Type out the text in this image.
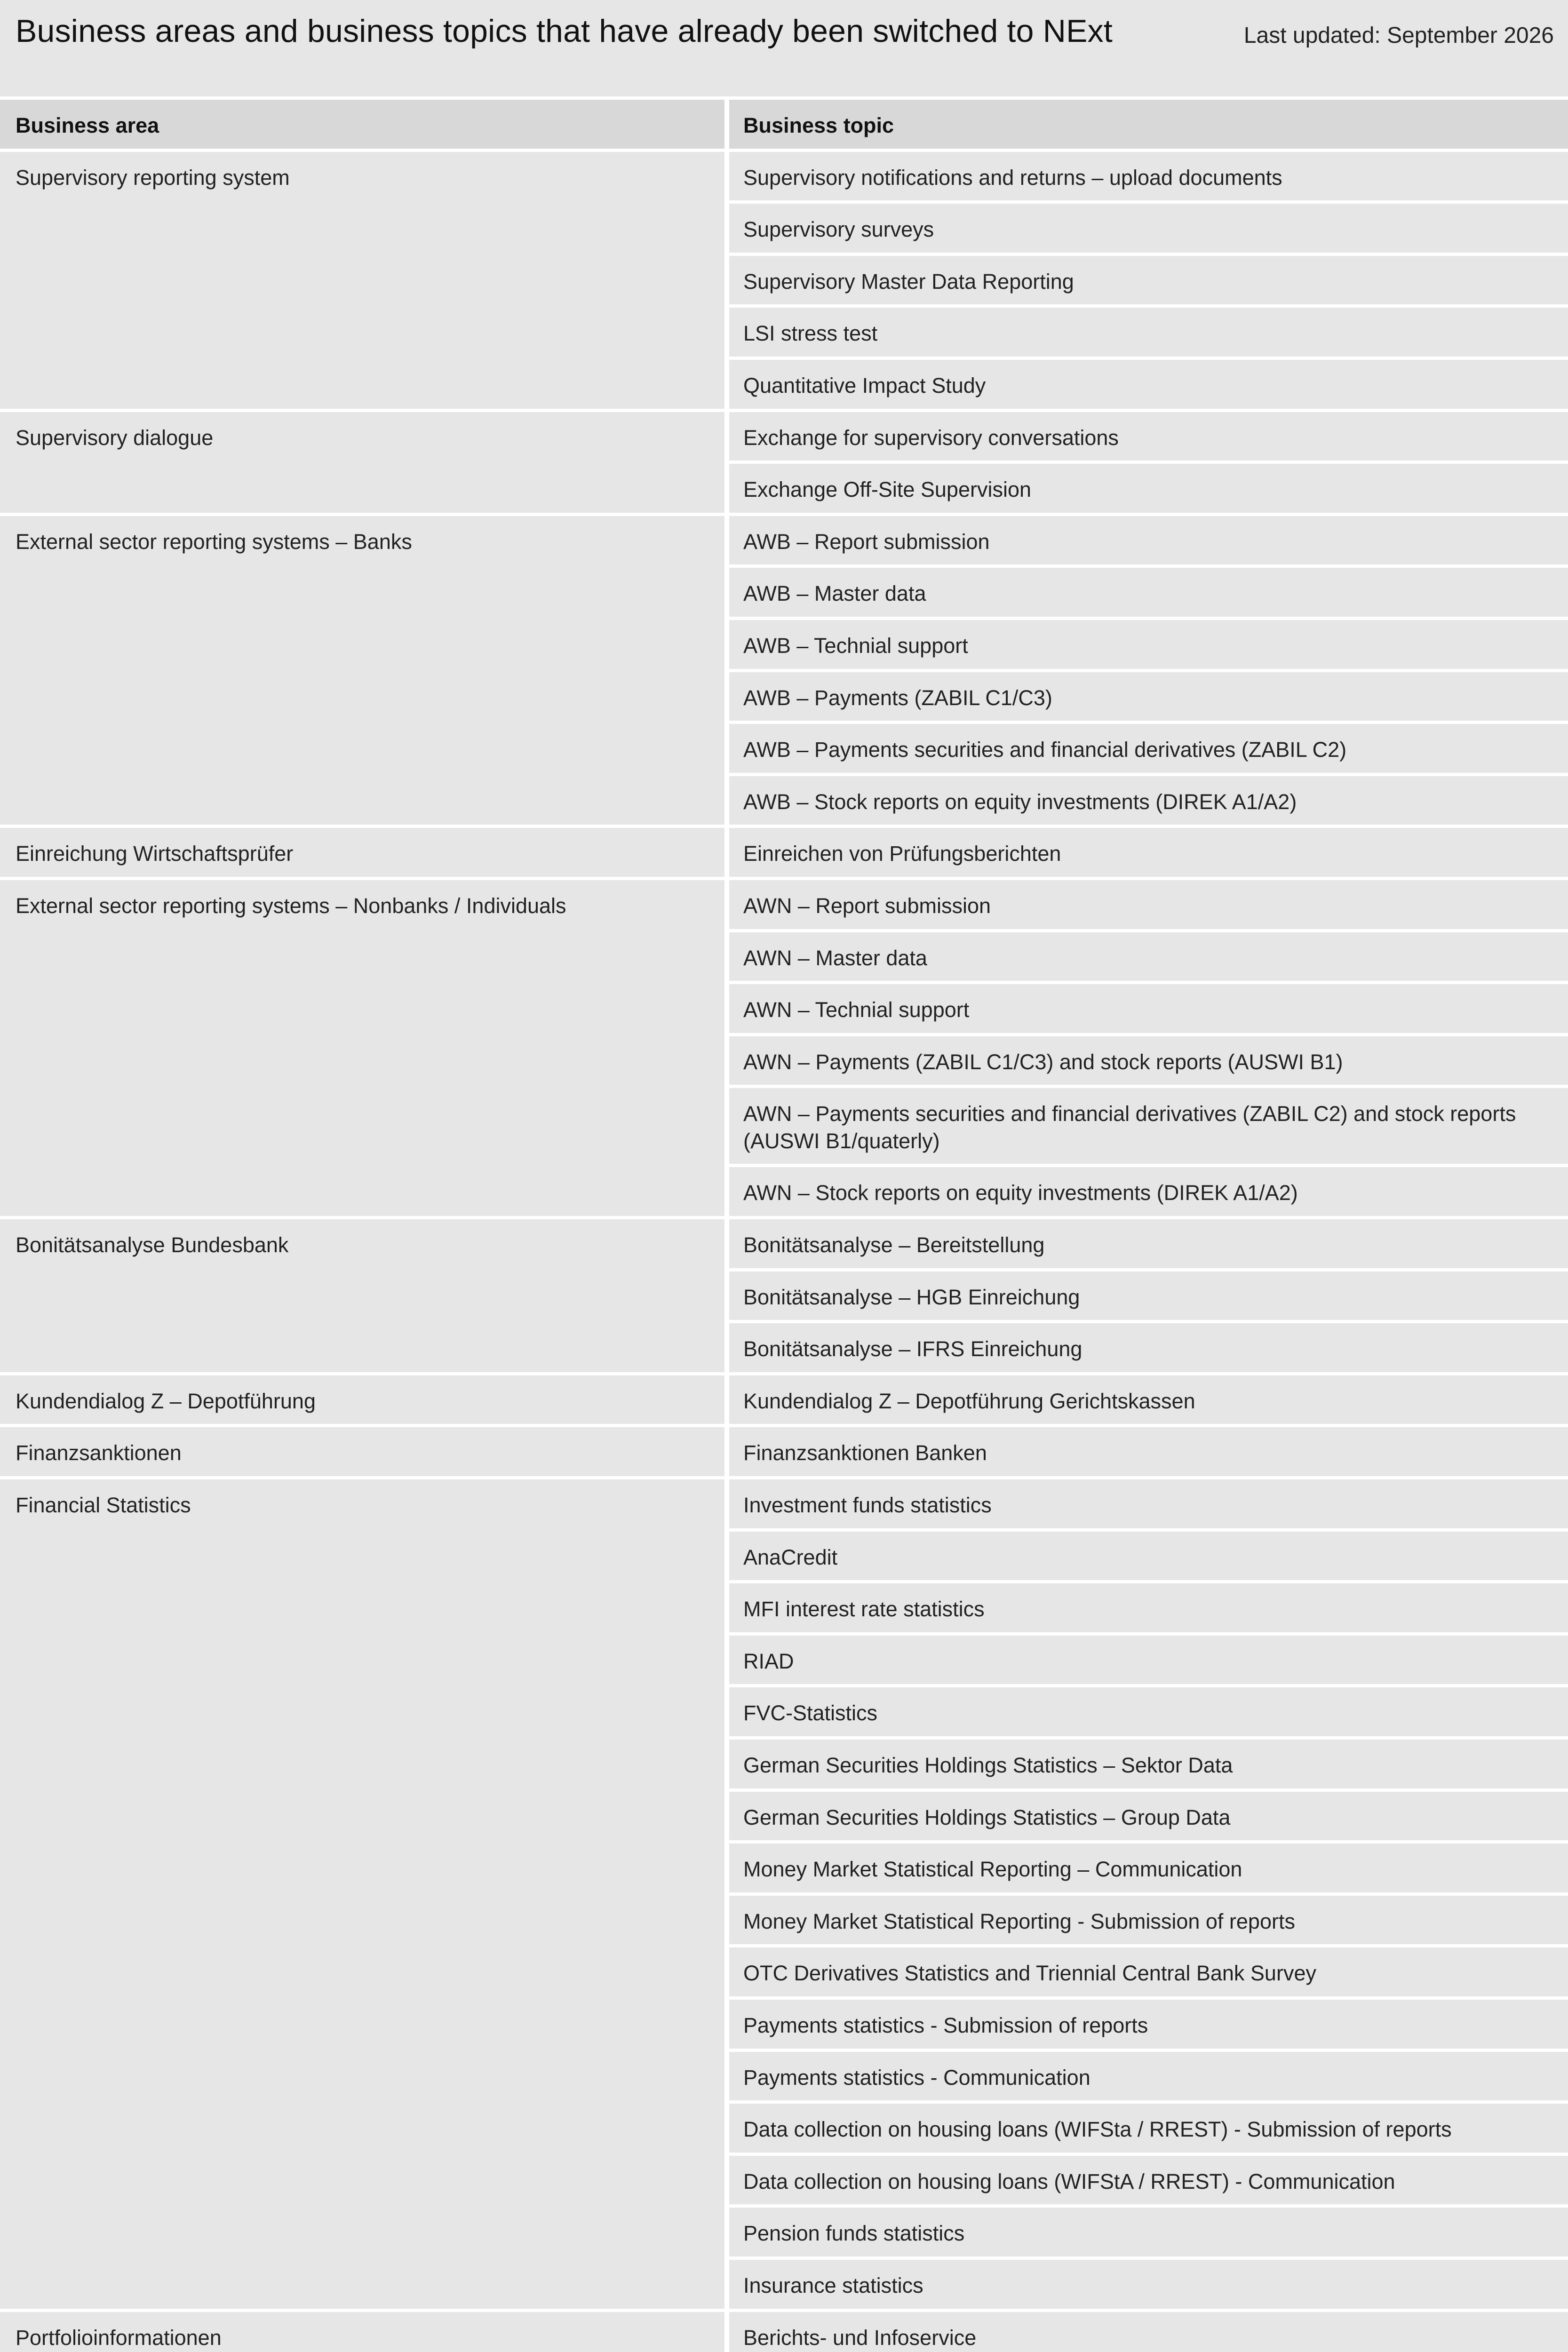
Business areas and business topics that have already been switched to NExt	Last updated: September 2026
Business area	Business topic
Supervisory reporting system	Supervisory notifications and returns – upload documents
	Supervisory surveys
	Supervisory Master Data Reporting
	LSI stress test
	Quantitative Impact Study
Supervisory dialogue	Exchange for supervisory conversations
	Exchange Off-Site Supervision
External sector reporting systems – Banks	AWB – Report submission
	AWB – Master data
	AWB – Technial support
	AWB – Payments (ZABIL C1/C3)
	AWB – Payments securities and financial derivatives (ZABIL C2)
	AWB – Stock reports on equity investments (DIREK A1/A2)
Einreichung Wirtschaftsprüfer	Einreichen von Prüfungsberichten
External sector reporting systems – Nonbanks / Individuals	AWN – Report submission
	AWN – Master data
	AWN – Technial support
	AWN – Payments (ZABIL C1/C3) and stock reports (AUSWI B1)
	AWN – Payments securities and financial derivatives (ZABIL C2) and stock reports (AUSWI B1/quaterly)
	AWN – Stock reports on equity investments (DIREK A1/A2)
Bonitätsanalyse Bundesbank	Bonitätsanalyse – Bereitstellung
	Bonitätsanalyse – HGB Einreichung
	Bonitätsanalyse – IFRS Einreichung
Kundendialog Z – Depotführung	Kundendialog Z – Depotführung Gerichtskassen
Finanzsanktionen	Finanzsanktionen Banken
Financial Statistics	Investment funds statistics
	AnaCredit
	MFI interest rate statistics
	RIAD
	FVC-Statistics
	German Securities Holdings Statistics – Sektor Data
	German Securities Holdings Statistics – Group Data
	Money Market Statistical Reporting – Communication
	Money Market Statistical Reporting - Submission of reports
	OTC Derivatives Statistics and Triennial Central Bank Survey
	Payments statistics - Submission of reports
	Payments statistics - Communication
	Data collection on housing loans (WIFSta / RREST) - Submission of reports
	Data collection on housing loans (WIFStA / RREST) - Communication
	Pension funds statistics
	Insurance statistics
Portfolioinformationen	Berichts- und Infoservice
